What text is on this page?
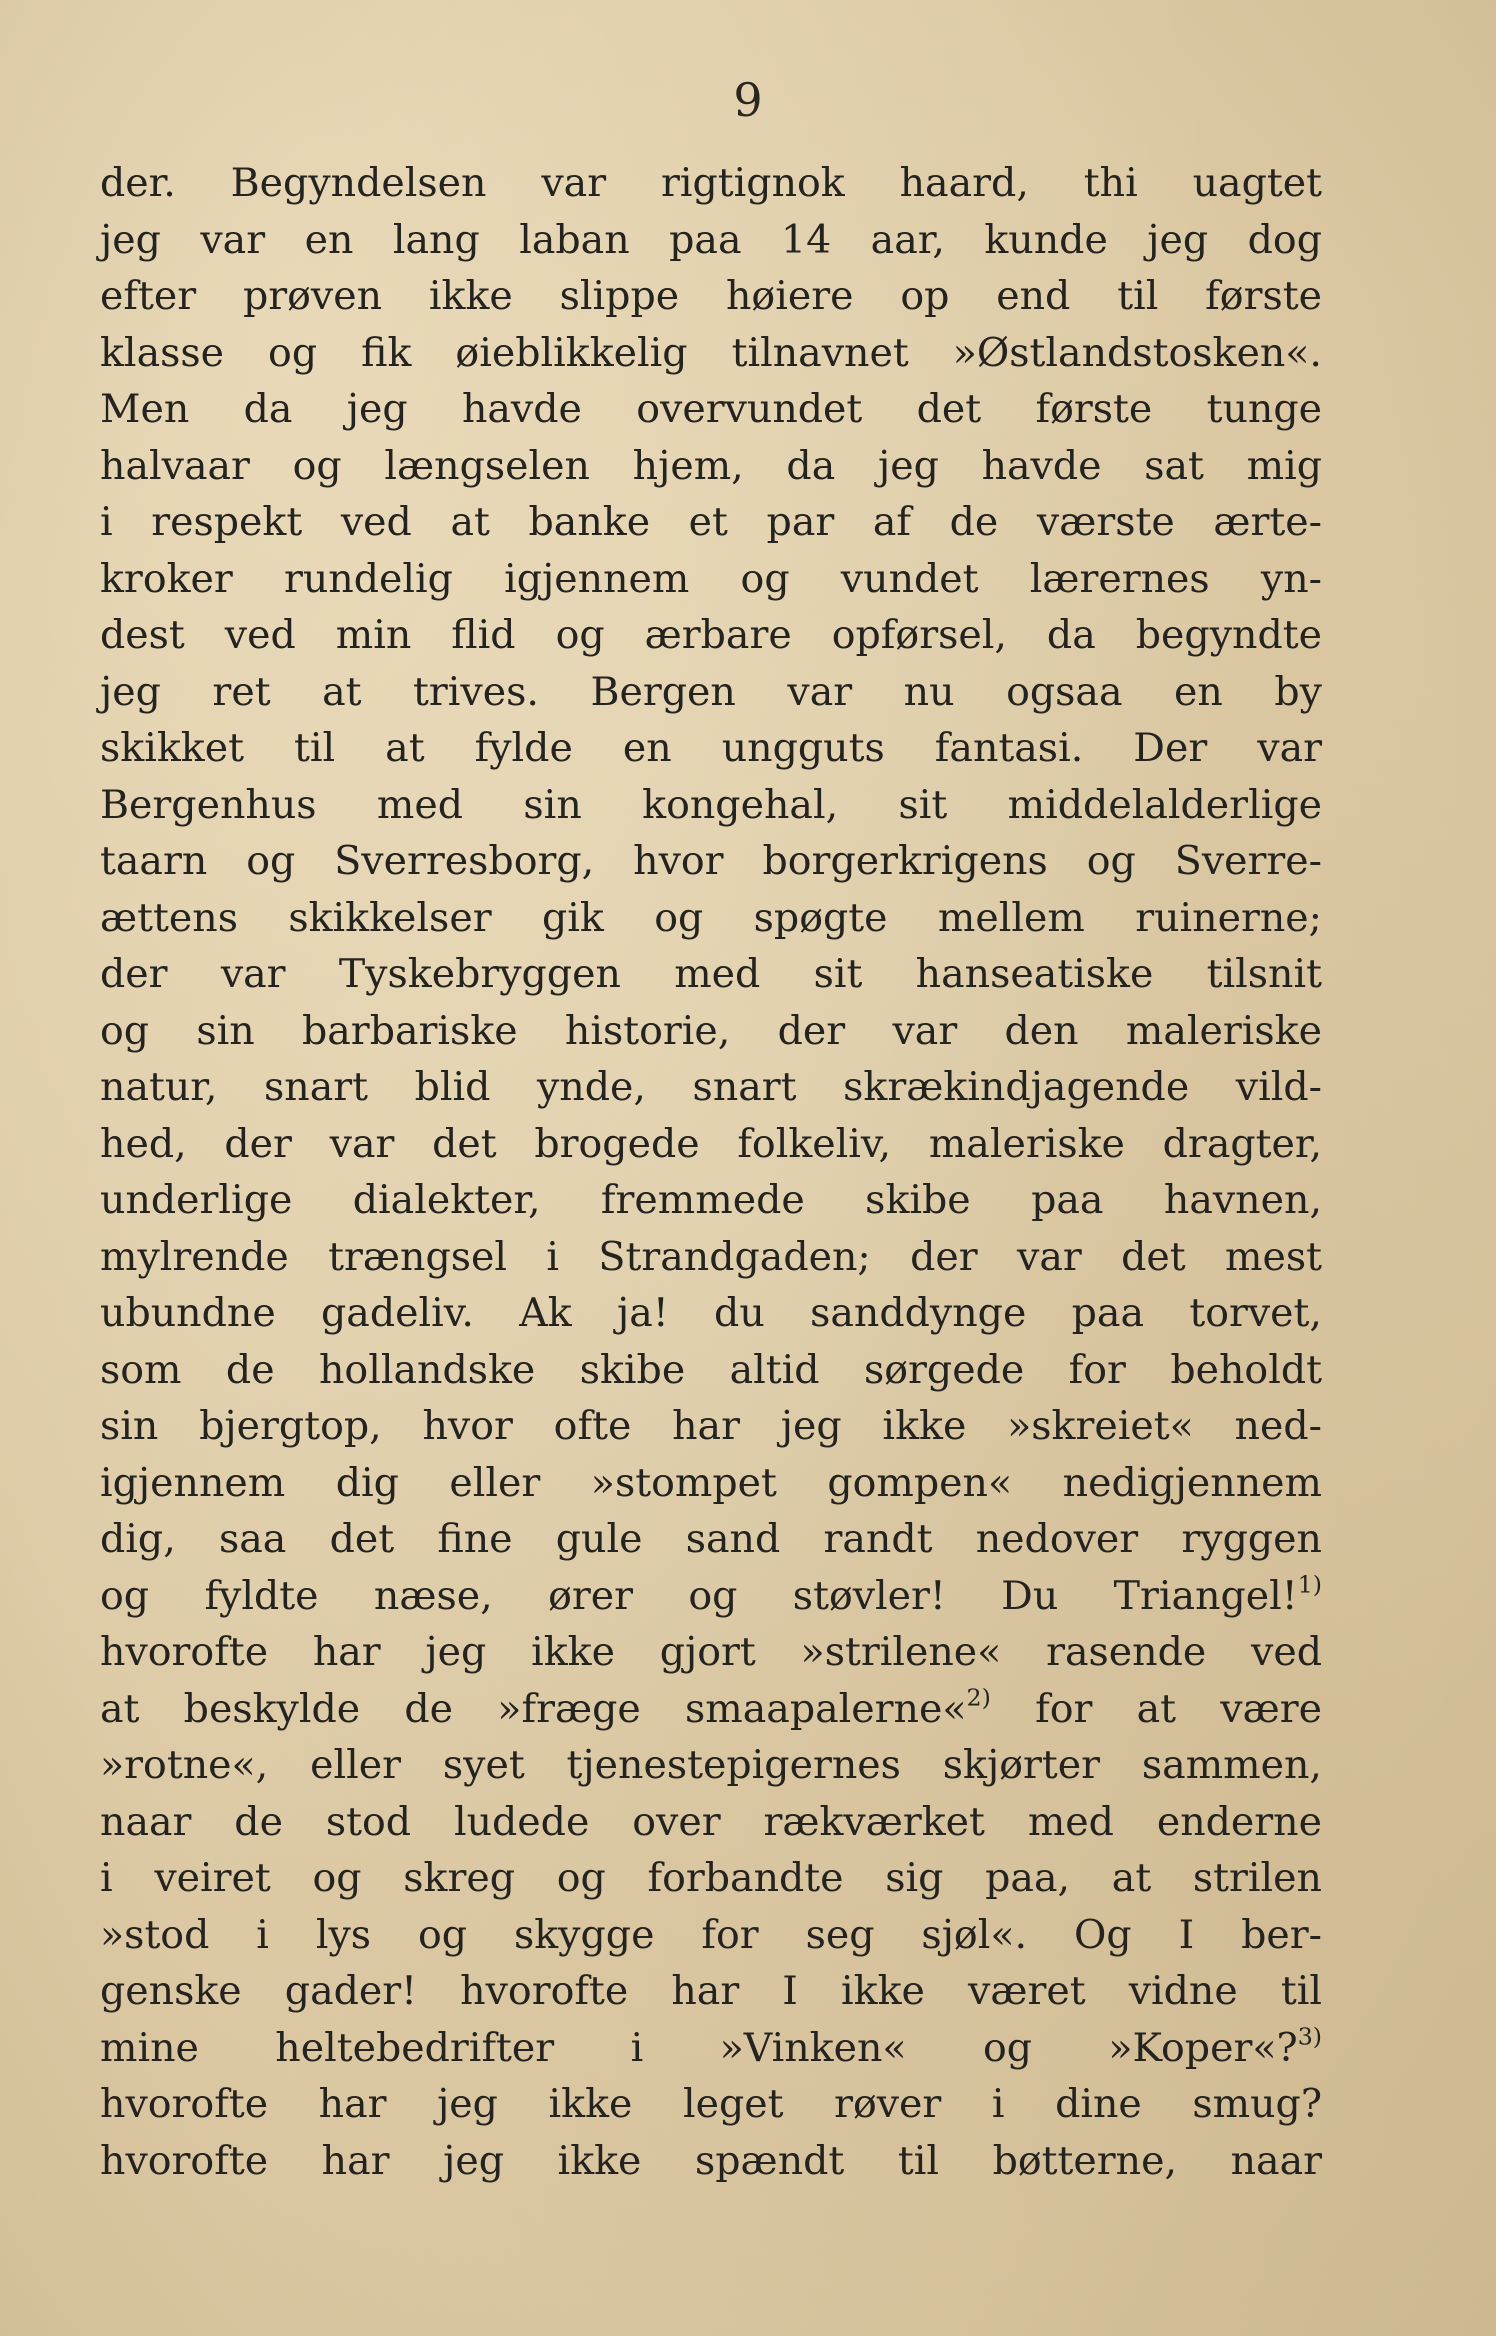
9
der. Begyndelsen var rigtignok haard, thi uagtet
jeg var en lang laban paa 14 aar, kunde jeg dog
efter prøven ikke slippe høiere op end til første
klasse og fik øieblikkelig tilnavnet »Østlandstosken«.
Men da jeg havde overvundet det første tunge
halvaar og længselen hjem, da jeg havde sat mig
i respekt ved at banke et par af de værste ærte-
kroker rundelig igjennem og vundet lærernes yn-
dest ved min flid og ærbare opførsel, da begyndte
jeg ret at trives. Bergen var nu ogsaa en by
skikket til at fylde en ungguts fantasi. Der var
Bergenhus med sin kongehal, sit middelalderlige
taarn og Sverresborg, hvor borgerkrigens og Sverre-
ættens skikkelser gik og spøgte mellem ruinerne;
der var Tyskebryggen med sit hanseatiske tilsnit
og sin barbariske historie, der var den maleriske
natur, snart blid ynde, snart skrækindjagende vild-
hed, der var det brogede folkeliv, maleriske dragter,
underlige dialekter, fremmede skibe paa havnen,
mylrende trængsel i Strandgaden; der var det mest
ubundne gadeliv. Ak ja! du sanddynge paa torvet,
som de hollandske skibe altid sørgede for beholdt
sin bjergtop, hvor ofte har jeg ikke »skreiet« ned-
igjennem dig eller »stompet gompen« nedigjennem
dig, saa det fine gule sand randt nedover ryggen
og fyldte næse, ører og støvler! Du Triangel!$^{1)}$
hvorofte har jeg ikke gjort »strilene« rasende ved
at beskylde de »fræge smaapalerne«$^{2)}$ for at være
»rotne«, eller syet tjenestepigernes skjørter sammen,
naar de stod ludede over rækværket med enderne
i veiret og skreg og forbandte sig paa, at strilen
»stod i lys og skygge for seg sjøl«. Og I ber-
genske gader! hvorofte har I ikke været vidne til
mine heltebedrifter i »Vinken« og »Koper«?$^{3)}$
hvorofte har jeg ikke leget røver i dine smug?
hvorofte har jeg ikke spændt til bøtterne, naar
